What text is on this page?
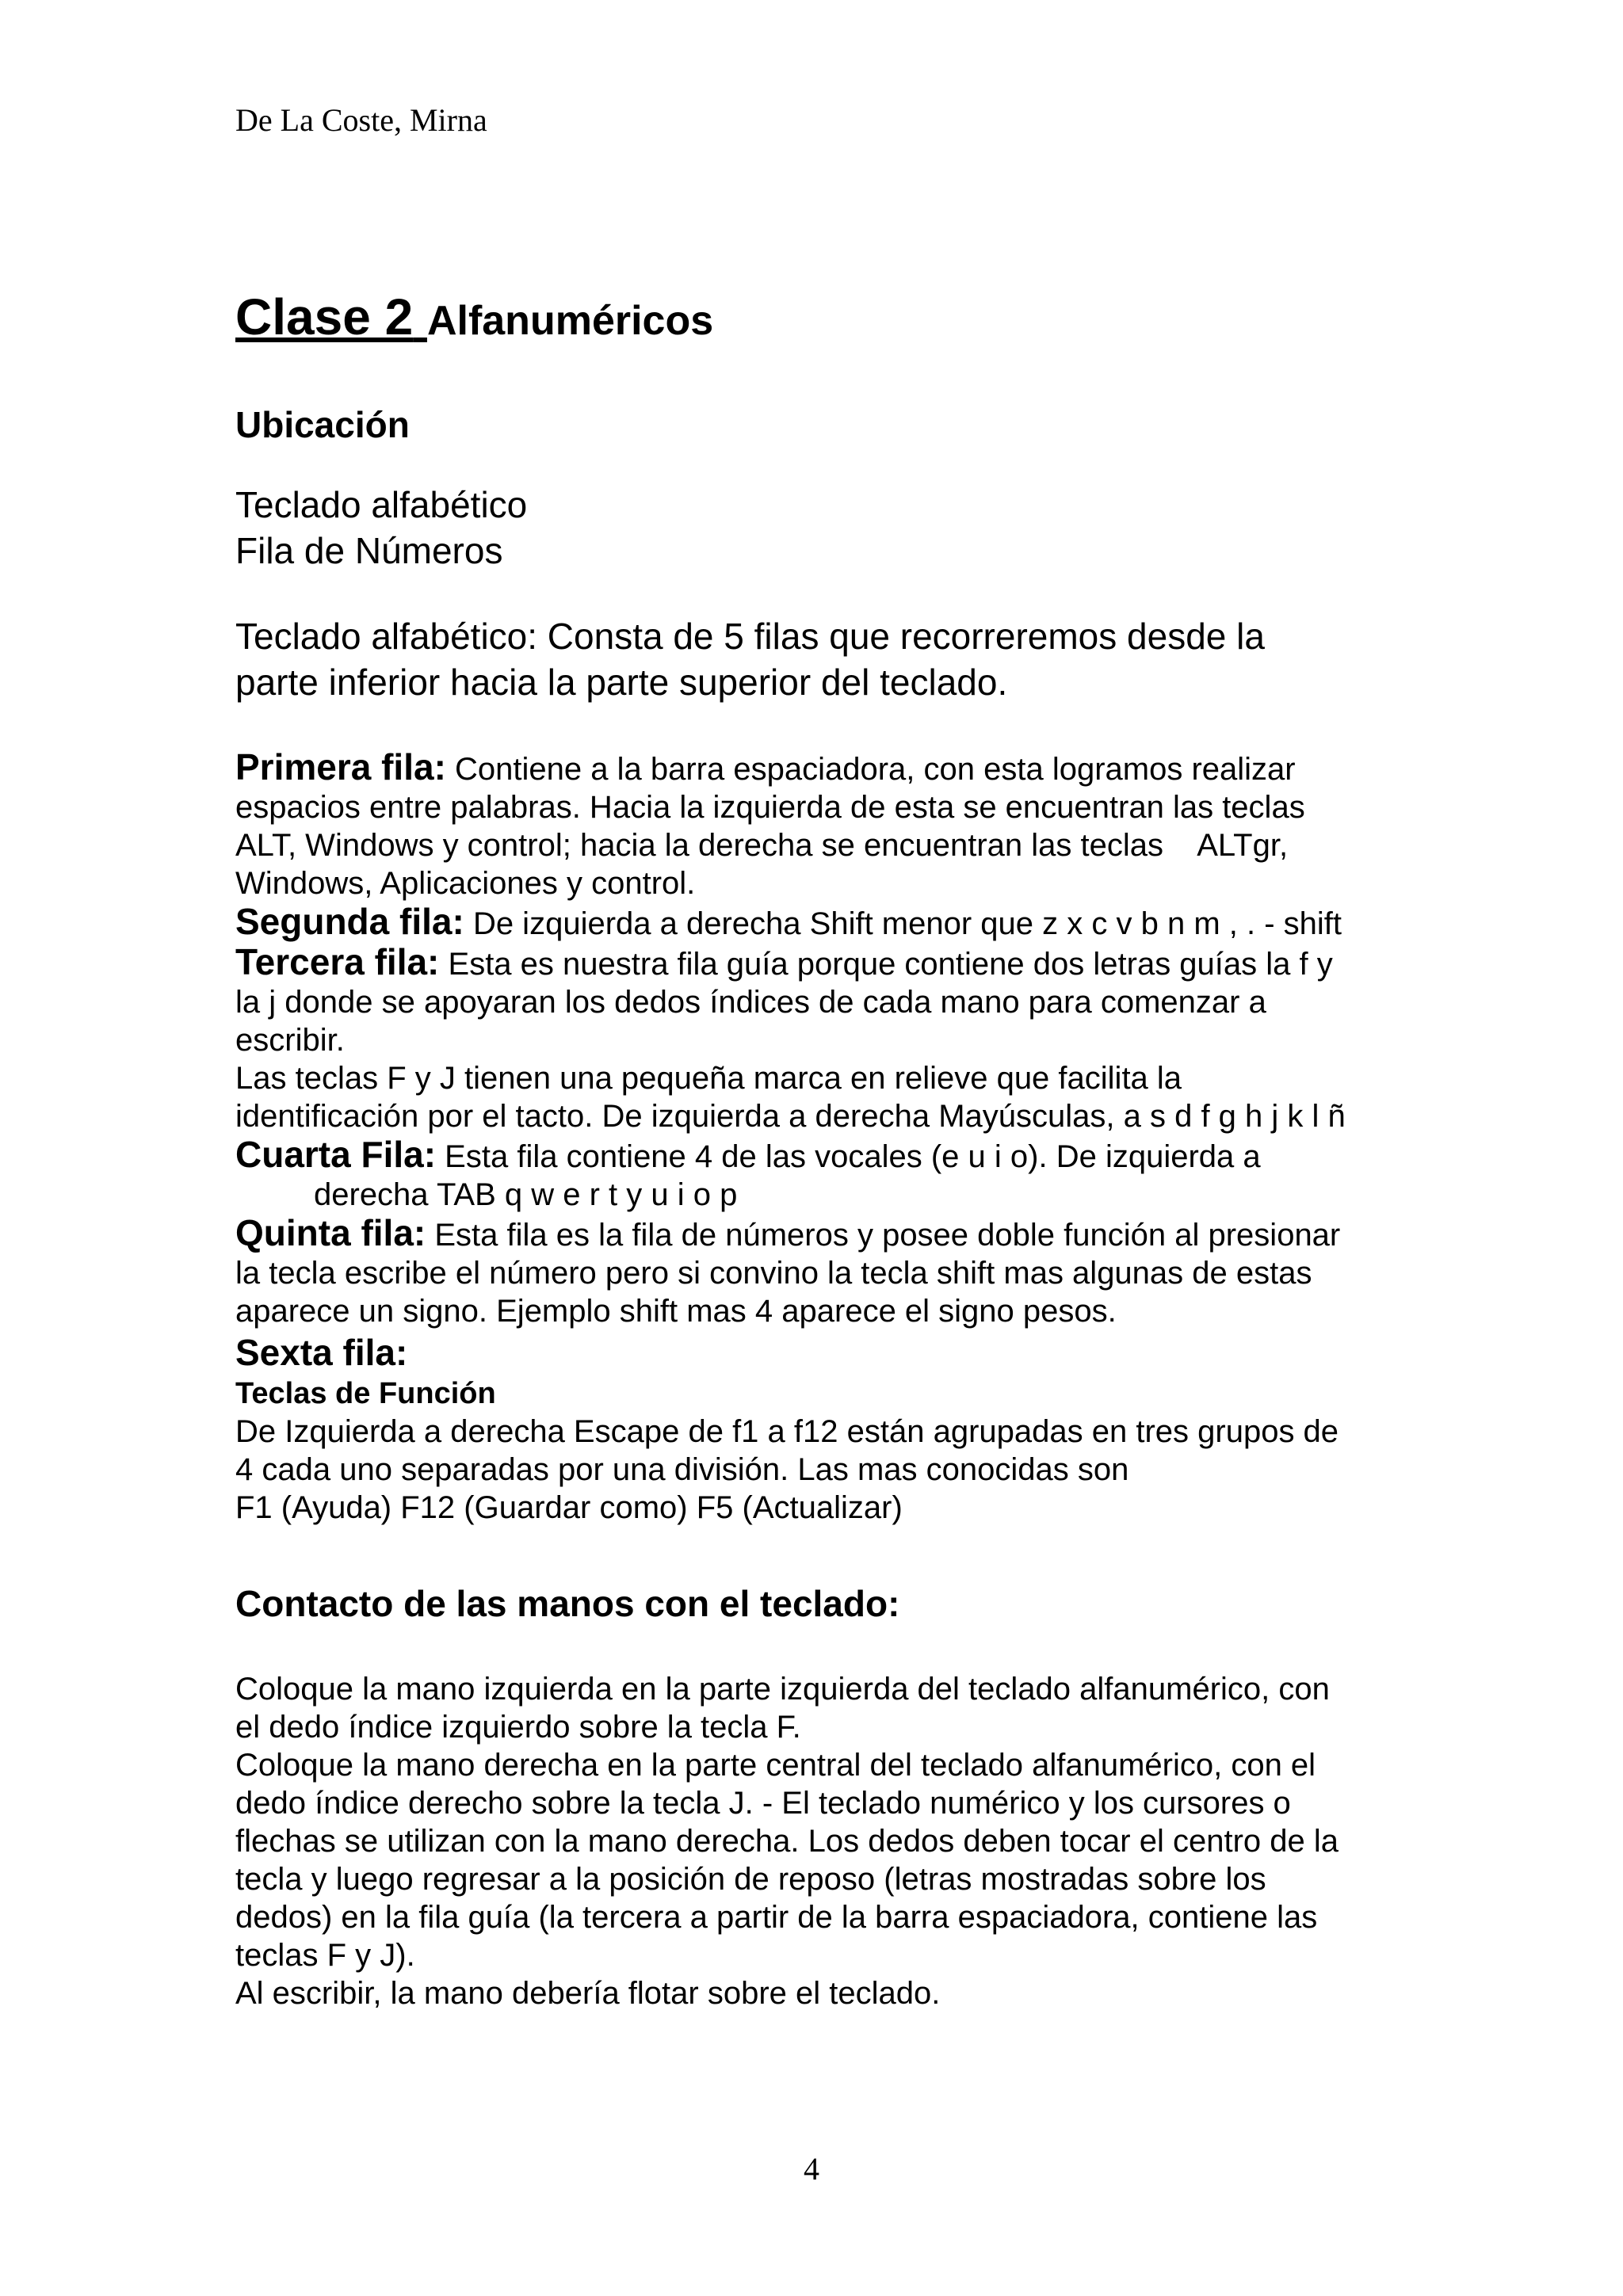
De La Coste, Mirna
Clase 2 Alfanuméricos
Ubicación
Teclado alfabético
Fila de Números
Teclado alfabético: Consta de 5 filas que recorreremos desde la
parte inferior hacia la parte superior del teclado.

Primera fila: Contiene a la barra espaciadora, con esta logramos realizar
espacios entre palabras. Hacia la izquierda de esta se encuentran las teclas
ALT, Windows y control; hacia la derecha se encuentran las teclas    ALTgr,
Windows, Aplicaciones y control.

Segunda fila: De izquierda a derecha Shift menor que z x c v b n m , . - shift

Tercera fila: Esta es nuestra fila guía porque contiene dos letras guías la f y
la j donde se apoyaran los dedos índices de cada mano para comenzar a
escribir.
Las teclas F y J tienen una pequeña marca en relieve que facilita la
identificación por el tacto. De izquierda a derecha Mayúsculas, a s d f g h j k l ñ

Cuarta Fila: Esta fila contiene 4 de las vocales (e u i o). De izquierda a

derecha TAB q w e r t y u i o p

Quinta fila: Esta fila es la fila de números y posee doble función al presionar
la tecla escribe el número pero si convino la tecla shift mas algunas de estas
aparece un signo. Ejemplo shift mas 4 aparece el signo pesos.

Sexta fila:

Teclas de Función

De Izquierda a derecha Escape de f1 a f12 están agrupadas en tres grupos de
4 cada uno separadas por una división. Las mas conocidas son
F1 (Ayuda) F12 (Guardar como) F5 (Actualizar)

Contacto de las manos con el teclado:

Coloque la mano izquierda en la parte izquierda del teclado alfanumérico, con

el dedo índice izquierdo sobre la tecla F.

Coloque la mano derecha en la parte central del teclado alfanumérico, con el

dedo índice derecho sobre la tecla J. - El teclado numérico y los cursores o

flechas se utilizan con la mano derecha. Los dedos deben tocar el centro de la

tecla y luego regresar a la posición de reposo (letras mostradas sobre los

dedos) en la fila guía (la tercera a partir de la barra espaciadora, contiene las

teclas F y J).

Al escribir, la mano debería flotar sobre el teclado.

4
